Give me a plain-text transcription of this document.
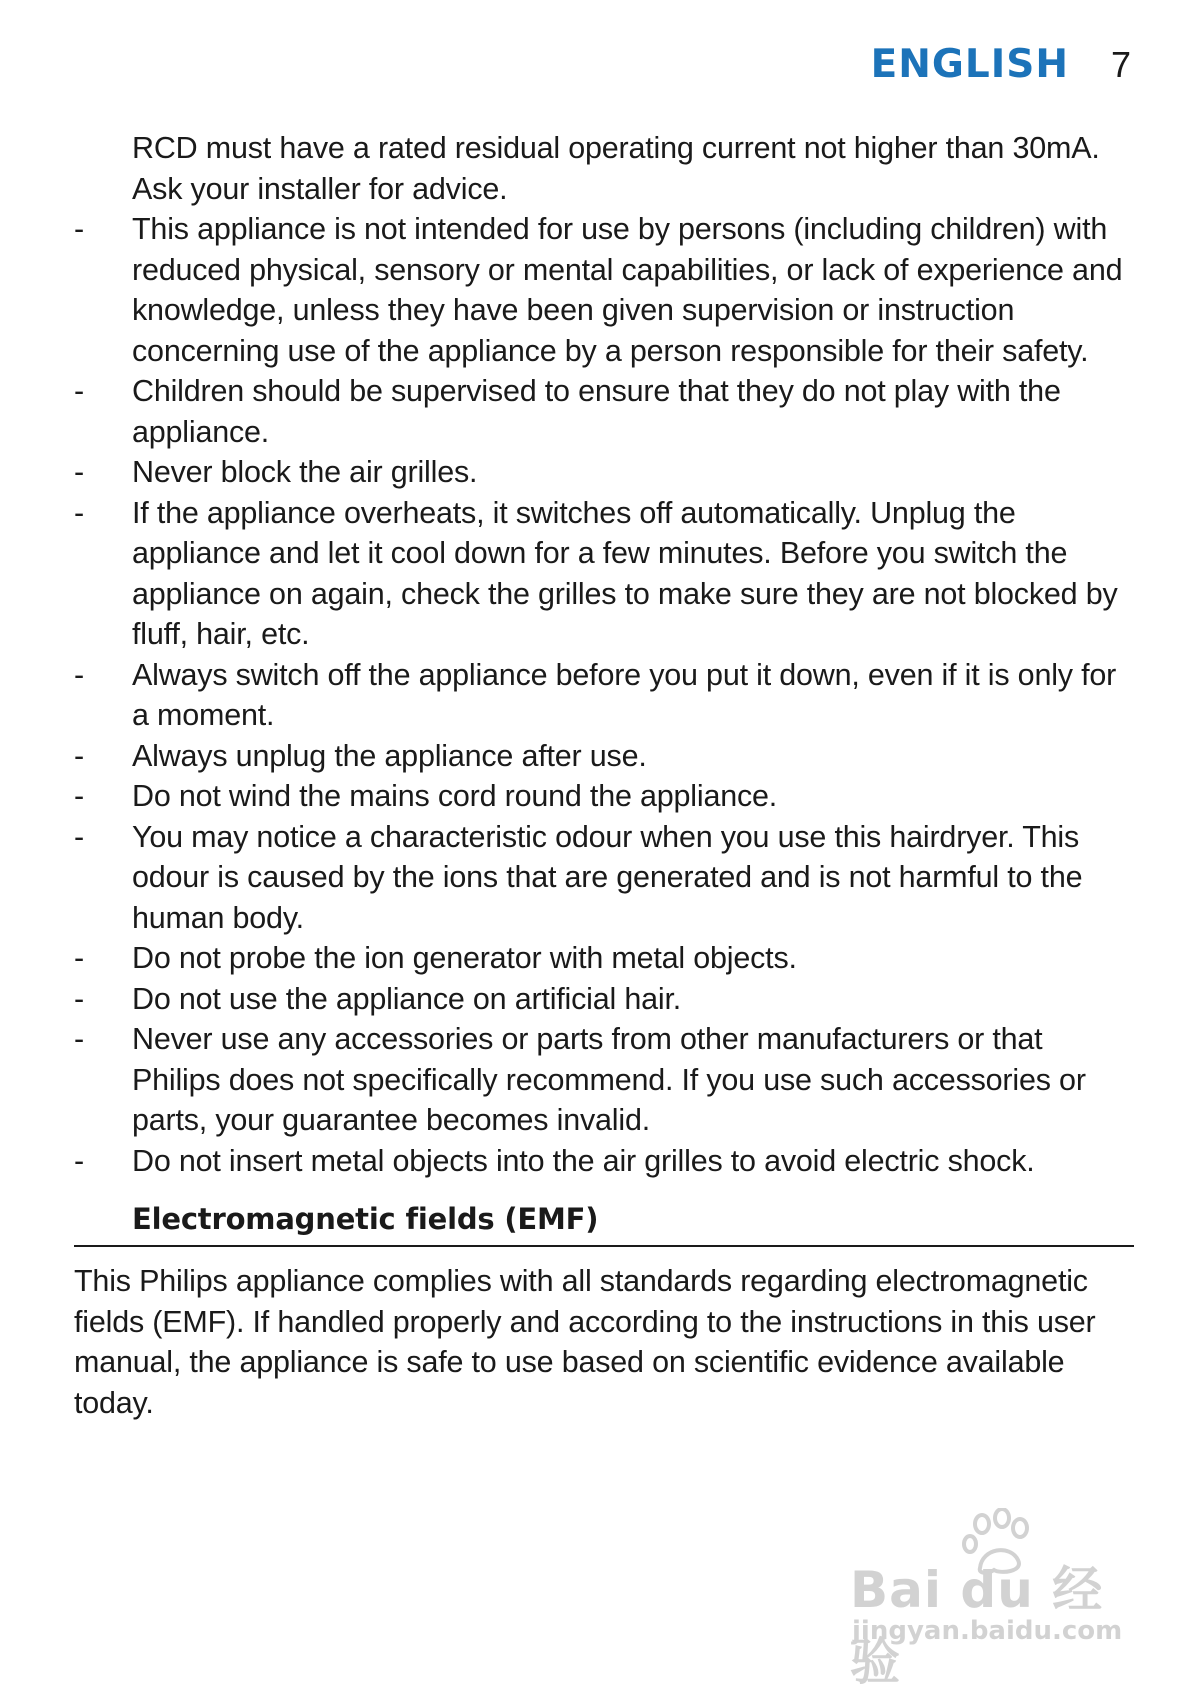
ENGLISH 7
RCD must have a rated residual operating current not higher than 30mA. Ask your installer for advice.
- This appliance is not intended for use by persons (including children) with reduced physical, sensory or mental capabilities, or lack of experience and knowledge, unless they have been given supervision or instruction concerning use of the appliance by a person responsible for their safety.
- Children should be supervised to ensure that they do not play with the appliance.
- Never block the air grilles.
- If the appliance overheats, it switches off automatically. Unplug the appliance and let it cool down for a few minutes. Before you switch the appliance on again, check the grilles to make sure they are not blocked by fluff, hair, etc.
- Always switch off the appliance before you put it down, even if it is only for a moment.
- Always unplug the appliance after use.
- Do not wind the mains cord round the appliance.
- You may notice a characteristic odour when you use this hairdryer. This odour is caused by the ions that are generated and is not harmful to the human body.
- Do not probe the ion generator with metal objects.
- Do not use the appliance on artificial hair.
- Never use any accessories or parts from other manufacturers or that Philips does not specifically recommend. If you use such accessories or parts, your guarantee becomes invalid.
- Do not insert metal objects into the air grilles to avoid electric shock.
Electromagnetic fields (EMF)
This Philips appliance complies with all standards regarding electromagnetic fields (EMF). If handled properly and according to the instructions in this user manual, the appliance is safe to use based on scientific evidence available today.
Bai du 经验
jingyan.baidu.com
